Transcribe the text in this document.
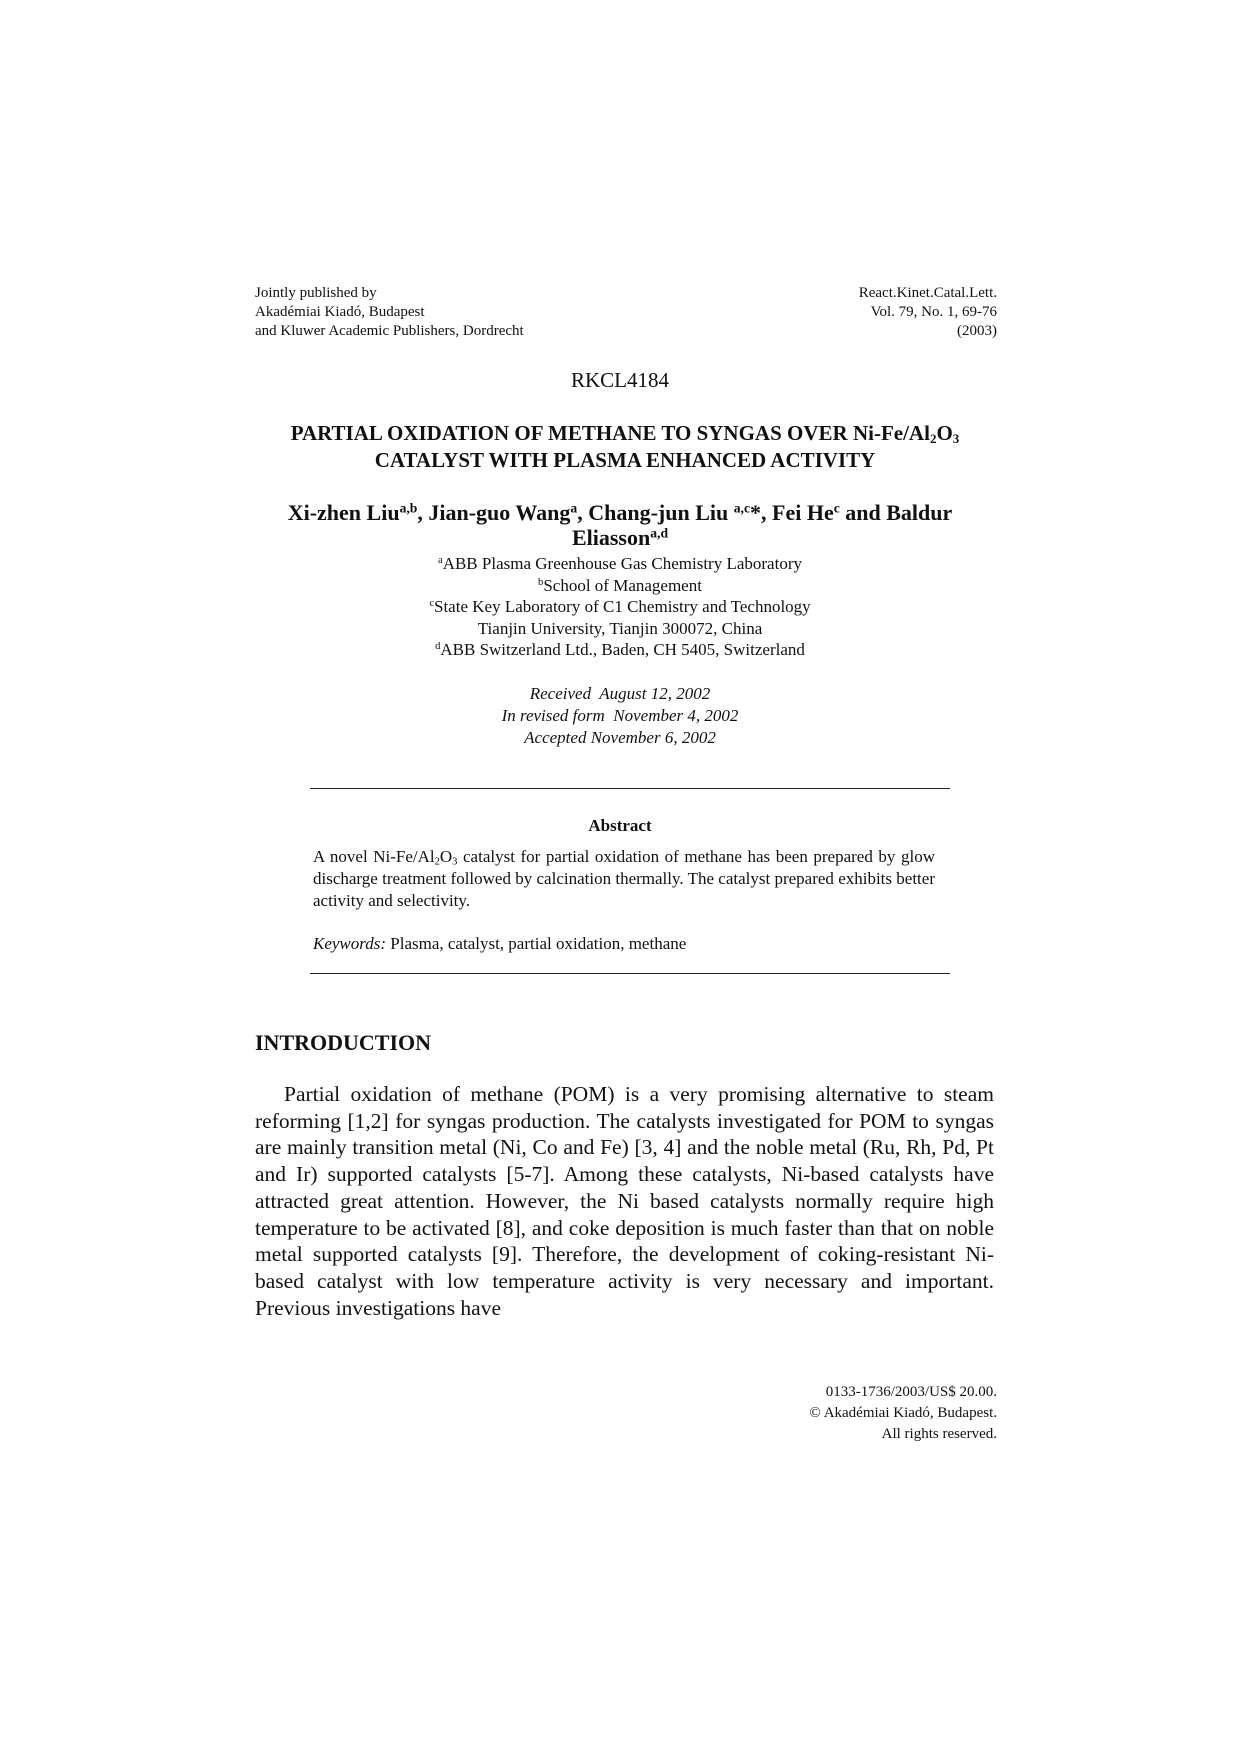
Jointly published by
Akadémiai Kiadó, Budapest
and Kluwer Academic Publishers, Dordrecht
React.Kinet.Catal.Lett.
Vol. 79, No. 1, 69-76
(2003)
RKCL4184
PARTIAL OXIDATION OF METHANE TO SYNGAS OVER $Ni-Fe/Al_2O_3$
CATALYST WITH PLASMA ENHANCED ACTIVITY
Xi-zhen Liu$^{a,b}$, Jian-guo Wang$^a$, Chang-jun Liu $^{a,c}$*, Fei He$^c$ and Baldur
Eliasson$^{a,d}$
$^a$ABB Plasma Greenhouse Gas Chemistry Laboratory
$^b$School of Management
$^c$State Key Laboratory of C1 Chemistry and Technology
Tianjin University, Tianjin 300072, China
$^d$ABB Switzerland Ltd., Baden, CH 5405, Switzerland
Received  August 12, 2002
In revised form  November 4, 2002
Accepted November 6, 2002
Abstract
A novel $Ni-Fe/Al_2O_3$ catalyst for partial oxidation of methane has been prepared by glow discharge treatment followed by calcination thermally. The catalyst prepared exhibits better activity and selectivity.
Keywords: Plasma, catalyst, partial oxidation, methane
INTRODUCTION
Partial oxidation of methane (POM) is a very promising alternative to steam reforming [1,2] for syngas production. The catalysts investigated for POM to syngas are mainly transition metal (Ni, Co and Fe) [3, 4] and the noble metal (Ru, Rh, Pd, Pt and Ir) supported catalysts [5-7]. Among these catalysts, Ni-based catalysts have attracted great attention. However, the Ni based catalysts normally require high temperature to be activated [8], and coke deposition is much faster than that on noble metal supported catalysts [9]. Therefore, the development of coking-resistant Ni-based catalyst with low temperature activity is very necessary and important. Previous investigations have
0133-1736/2003/US$ 20.00.
© Akadémiai Kiadó, Budapest.
All rights reserved.
